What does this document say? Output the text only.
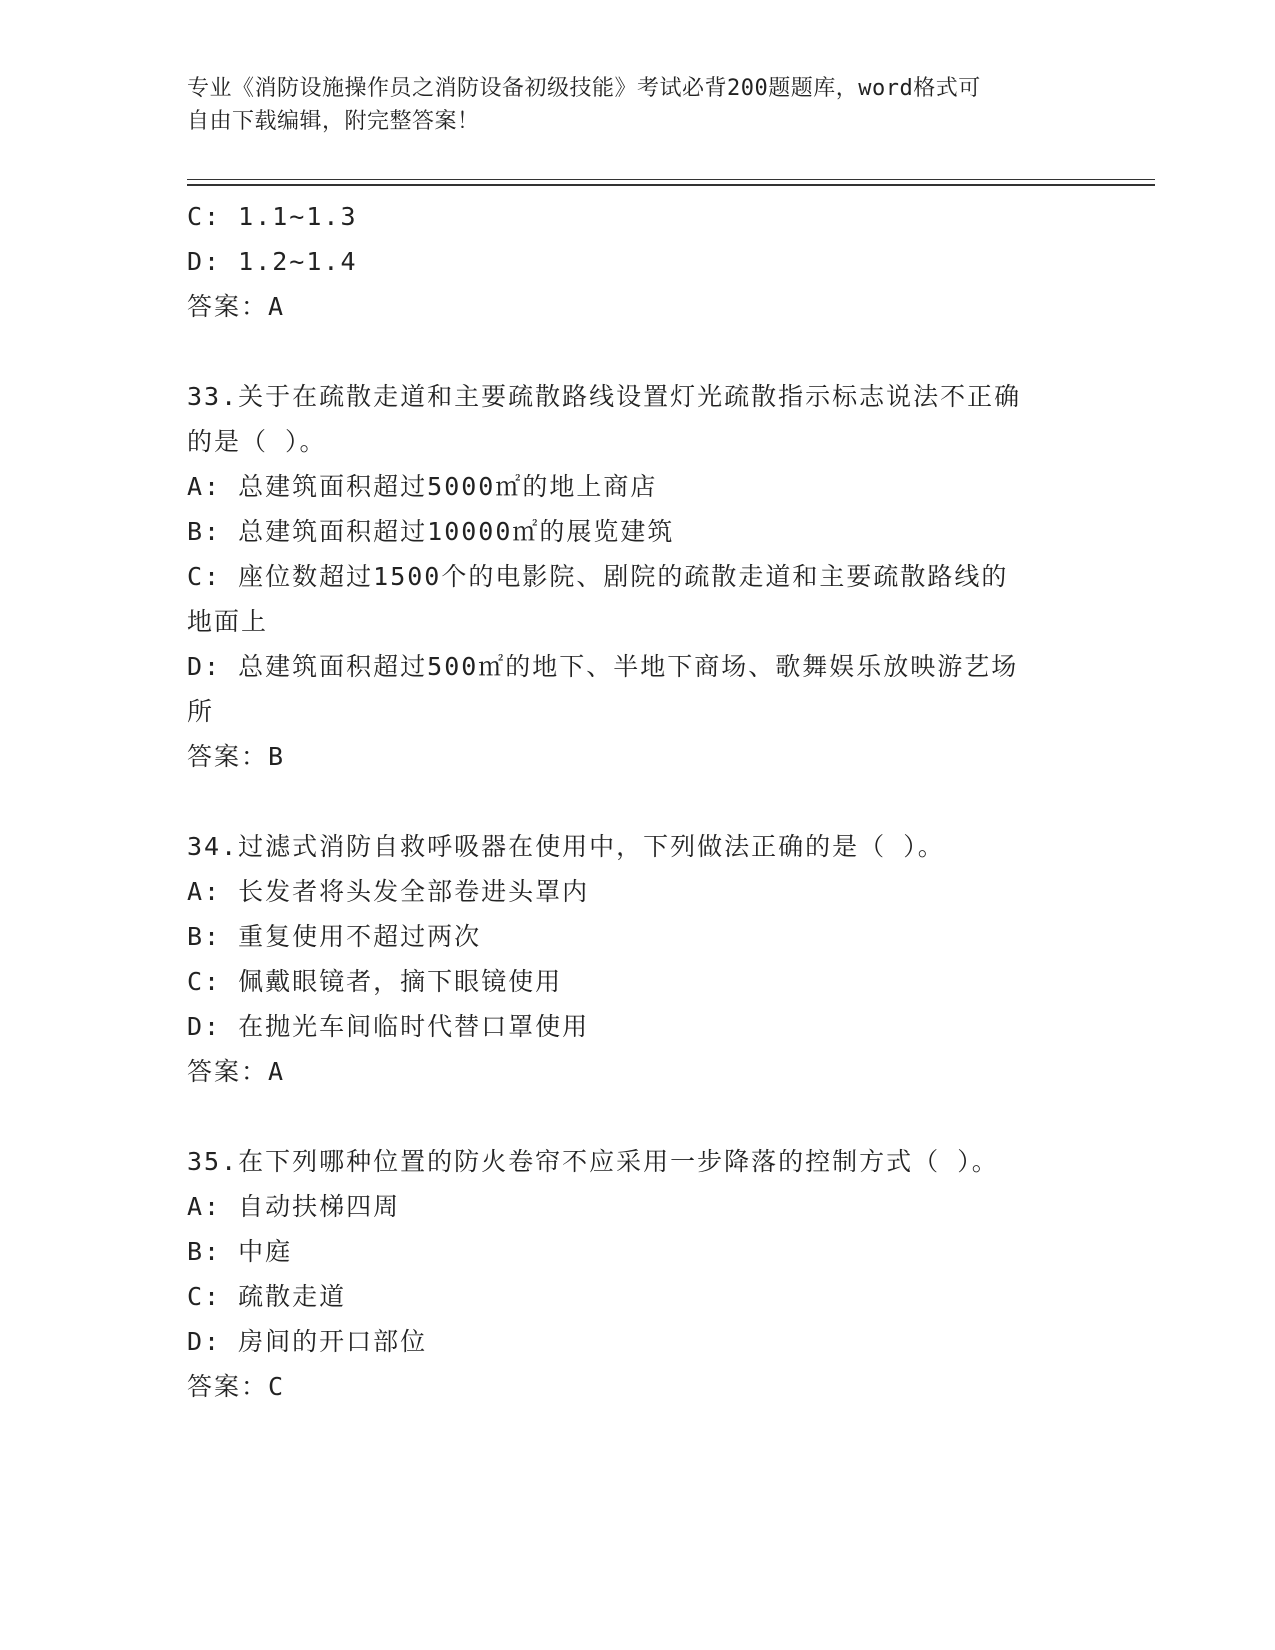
专业《消防设施操作员之消防设备初级技能》考试必背200题题库，word格式可
自由下载编辑，附完整答案！
C: 1.1~1.3
D: 1.2~1.4
答案：A
33.关于在疏散走道和主要疏散路线设置灯光疏散指示标志说法不正确
的是（ ）。
A: 总建筑面积超过5000㎡的地上商店
B: 总建筑面积超过10000㎡的展览建筑
C: 座位数超过1500个的电影院、剧院的疏散走道和主要疏散路线的
地面上
D: 总建筑面积超过500㎡的地下、半地下商场、歌舞娱乐放映游艺场
所
答案：B
34.过滤式消防自救呼吸器在使用中，下列做法正确的是（ ）。
A: 长发者将头发全部卷进头罩内
B: 重复使用不超过两次
C: 佩戴眼镜者，摘下眼镜使用
D: 在抛光车间临时代替口罩使用
答案：A
35.在下列哪种位置的防火卷帘不应采用一步降落的控制方式（ ）。
A: 自动扶梯四周
B: 中庭
C: 疏散走道
D: 房间的开口部位
答案：C
